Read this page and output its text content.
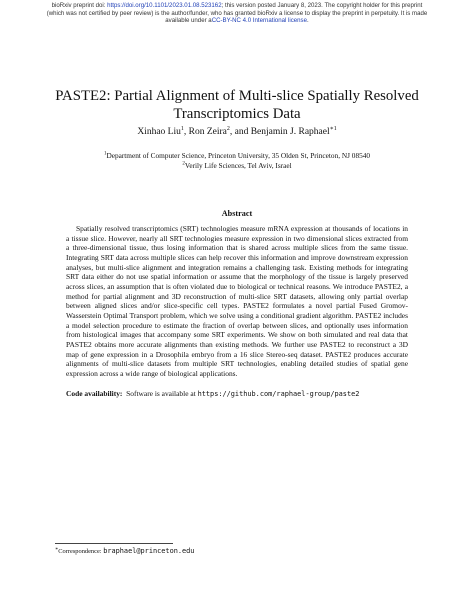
bioRxiv preprint doi: https://doi.org/10.1101/2023.01.08.523162; this version posted January 8, 2023. The copyright holder for this preprint
(which was not certified by peer review) is the author/funder, who has granted bioRxiv a license to display the preprint in perpetuity. It is made
available under aCC-BY-NC 4.0 International license.
PASTE2: Partial Alignment of Multi-slice Spatially Resolved Transcriptomics Data
Xinhao Liu$^1$, Ron Zeira$^2$, and Benjamin J. Raphael$^{∗1}$
$^1$Department of Computer Science, Princeton University, 35 Olden St, Princeton, NJ 08540
$^2$Verily Life Sciences, Tel Aviv, Israel
Abstract
Spatially resolved transcriptomics (SRT) technologies measure mRNA expression at thousands of locations in a tissue slice. However, nearly all SRT technologies measure expression in two dimensional slices extracted from a three-dimensional tissue, thus losing information that is shared across multiple slices from the same tissue. Integrating SRT data across multiple slices can help recover this information and improve downstream expression analyses, but multi-slice alignment and integration remains a challenging task. Existing methods for integrating SRT data either do not use spatial information or assume that the morphology of the tissue is largely preserved across slices, an assumption that is often violated due to biological or technical reasons. We introduce PASTE2, a method for partial alignment and 3D reconstruction of multi-slice SRT datasets, allowing only partial overlap between aligned slices and/or slice-specific cell types. PASTE2 formulates a novel partial Fused Gromov-Wasserstein Optimal Transport problem, which we solve using a conditional gradient algorithm. PASTE2 includes a model selection procedure to estimate the fraction of overlap between slices, and optionally uses information from histological images that accompany some SRT experiments. We show on both simulated and real data that PASTE2 obtains more accurate alignments than existing methods. We further use PASTE2 to reconstruct a 3D map of gene expression in a Drosophila embryo from a 16 slice Stereo-seq dataset. PASTE2 produces accurate alignments of multi-slice datasets from multiple SRT technologies, enabling detailed studies of spatial gene expression across a wide range of biological applications.
Code availability: Software is available at https://github.com/raphael-group/paste2
∗Correspondence: braphael@princeton.edu
